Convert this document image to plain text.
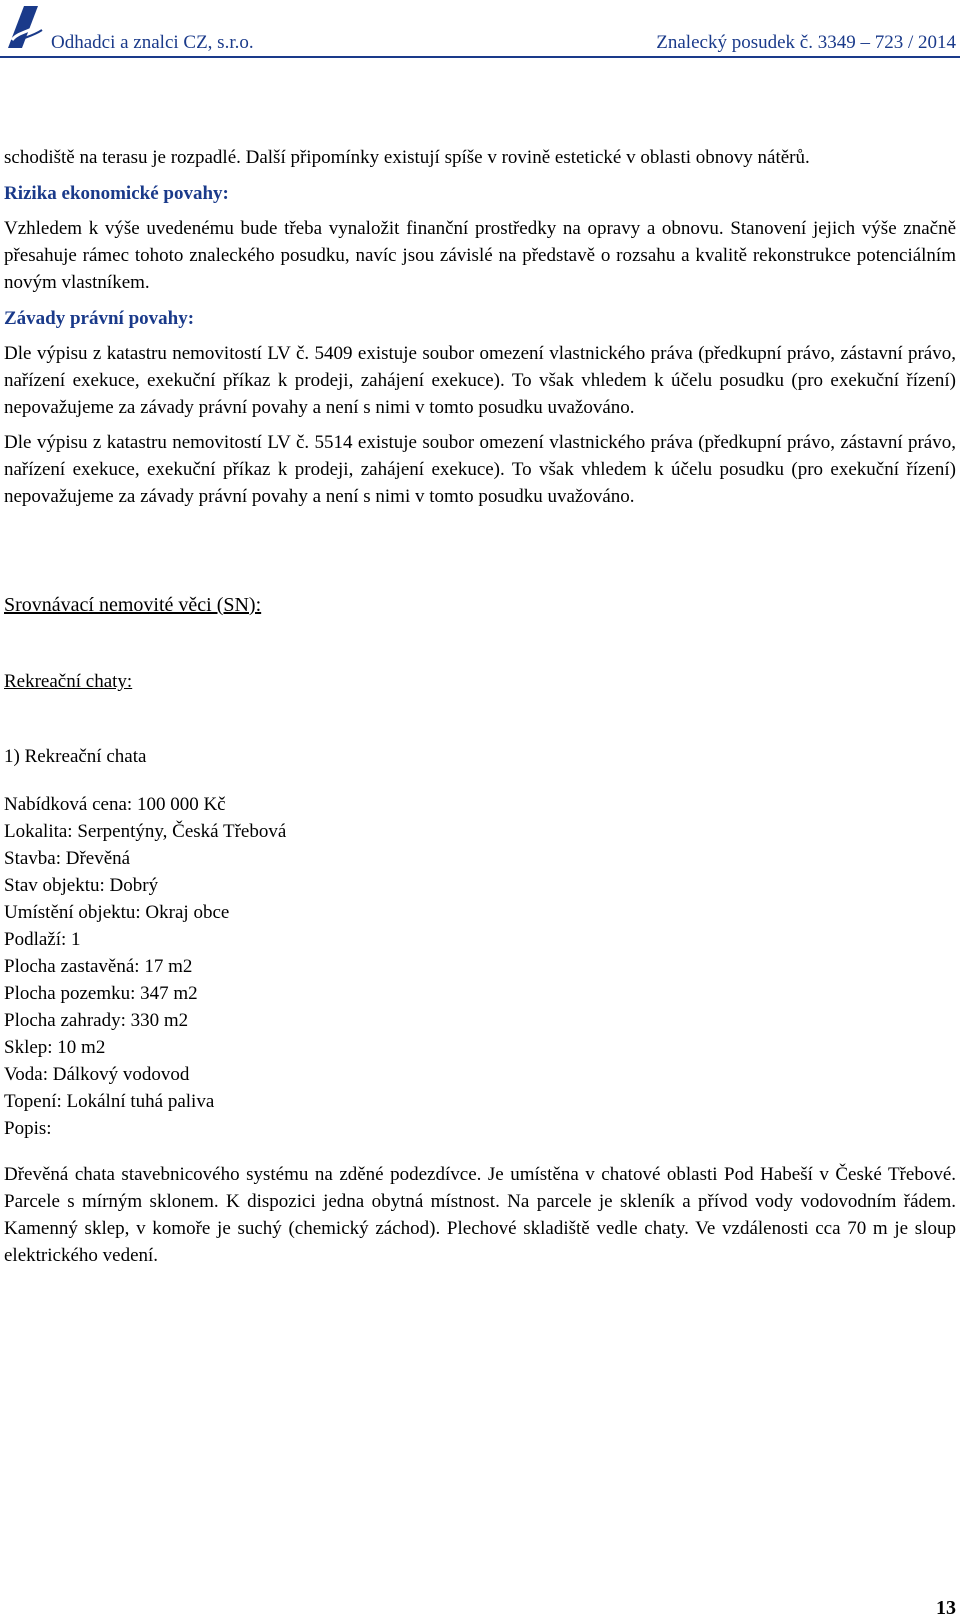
Odhadci a znalci CZ, s.r.o.	Znalecký posudek č. 3349 – 723 / 2014

schodiště na terasu je rozpadlé. Další připomínky existují spíše v rovině estetické v oblasti obnovy nátěrů.

Rizika ekonomické povahy:

Vzhledem k výše uvedenému bude třeba vynaložit finanční prostředky na opravy a obnovu. Stanovení jejich výše značně přesahuje rámec tohoto znaleckého posudku, navíc jsou závislé na představě o rozsahu a kvalitě rekonstrukce potenciálním novým vlastníkem.

Závady právní povahy:

Dle výpisu z katastru nemovitostí LV č. 5409 existuje soubor omezení vlastnického práva (předkupní právo, zástavní právo, nařízení exekuce, exekuční příkaz k prodeji, zahájení exekuce). To však vhledem k účelu posudku (pro exekuční řízení) nepovažujeme za závady právní povahy a není s nimi v tomto posudku uvažováno.

Dle výpisu z katastru nemovitostí LV č. 5514 existuje soubor omezení vlastnického práva (předkupní právo, zástavní právo, nařízení exekuce, exekuční příkaz k prodeji, zahájení exekuce). To však vhledem k účelu posudku (pro exekuční řízení) nepovažujeme za závady právní povahy a není s nimi v tomto posudku uvažováno.

Srovnávací nemovité věci (SN):

Rekreační chaty:

1) Rekreační chata

Nabídková cena: 100 000 Kč
Lokalita: Serpentýny, Česká Třebová
Stavba: Dřevěná
Stav objektu: Dobrý
Umístění objektu: Okraj obce
Podlaží: 1
Plocha zastavěná: 17 m2
Plocha pozemku: 347 m2
Plocha zahrady: 330 m2
Sklep: 10 m2
Voda: Dálkový vodovod
Topení: Lokální tuhá paliva
Popis:

Dřevěná chata stavebnicového systému na zděné podezdívce. Je umístěna v chatové oblasti Pod Habeší v České Třebové. Parcele s mírným sklonem. K dispozici jedna obytná místnost. Na parcele je skleník a přívod vody vodovodním řádem. Kamenný sklep, v komoře je suchý (chemický záchod). Plechové skladiště vedle chaty. Ve vzdálenosti cca 70 m je sloup elektrického vedení.

13
